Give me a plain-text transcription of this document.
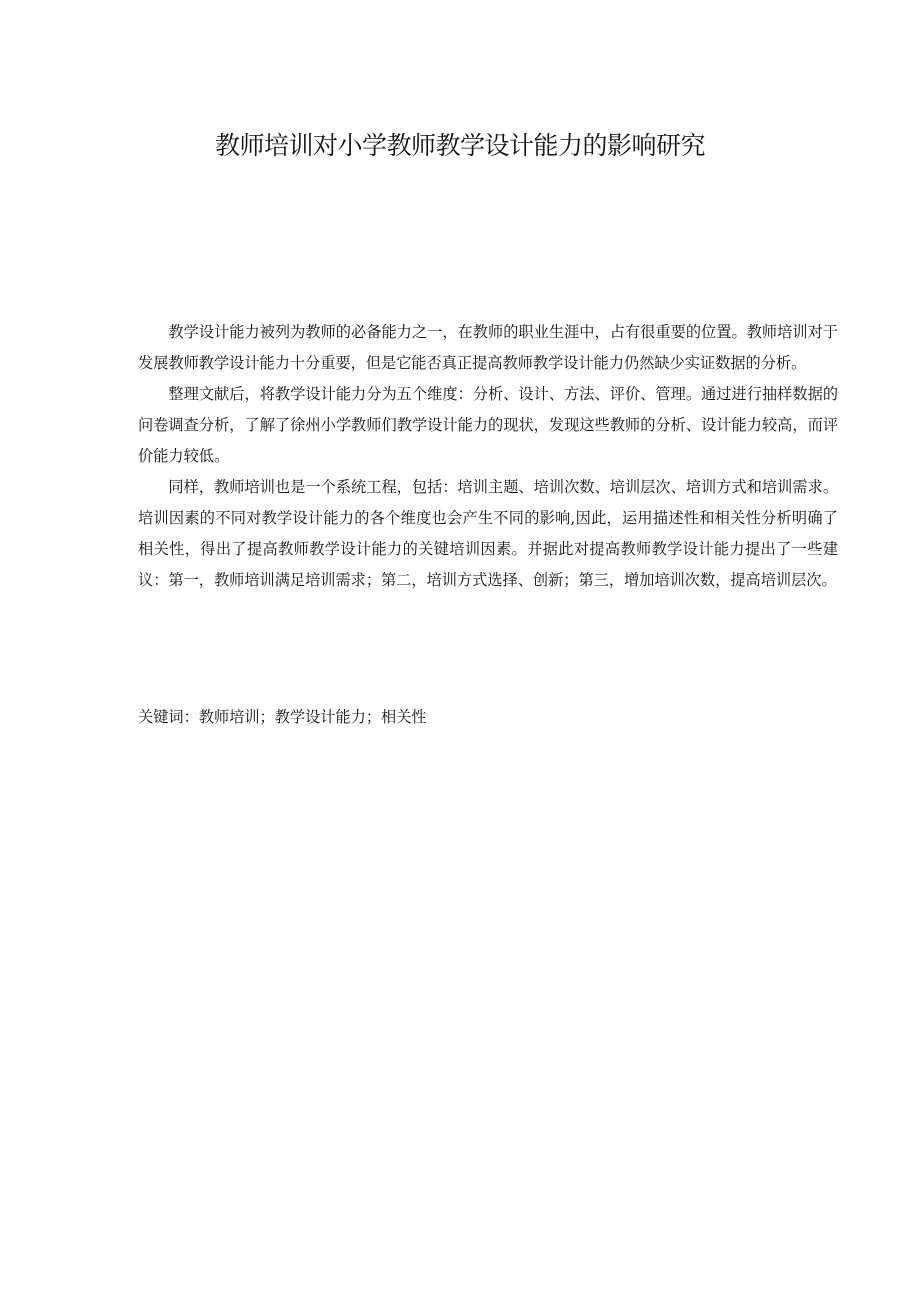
教师培训对小学教师教学设计能力的影响研究

教学设计能力被列为教师的必备能力之一，在教师的职业生涯中，占有很重要的位置。教师培训对于发展教师教学设计能力十分重要，但是它能否真正提高教师教学设计能力仍然缺少实证数据的分析。

整理文献后，将教学设计能力分为五个维度：分析、设计、方法、评价、管理。通过进行抽样数据的问卷调查分析，了解了徐州小学教师们教学设计能力的现状，发现这些教师的分析、设计能力较高，而评价能力较低。

同样，教师培训也是一个系统工程，包括：培训主题、培训次数、培训层次、培训方式和培训需求。培训因素的不同对教学设计能力的各个维度也会产生不同的影响,因此，运用描述性和相关性分析明确了相关性，得出了提高教师教学设计能力的关键培训因素。并据此对提高教师教学设计能力提出了一些建议：第一，教师培训满足培训需求；第二，培训方式选择、创新；第三，增加培训次数，提高培训层次。

关键词：教师培训；教学设计能力；相关性
